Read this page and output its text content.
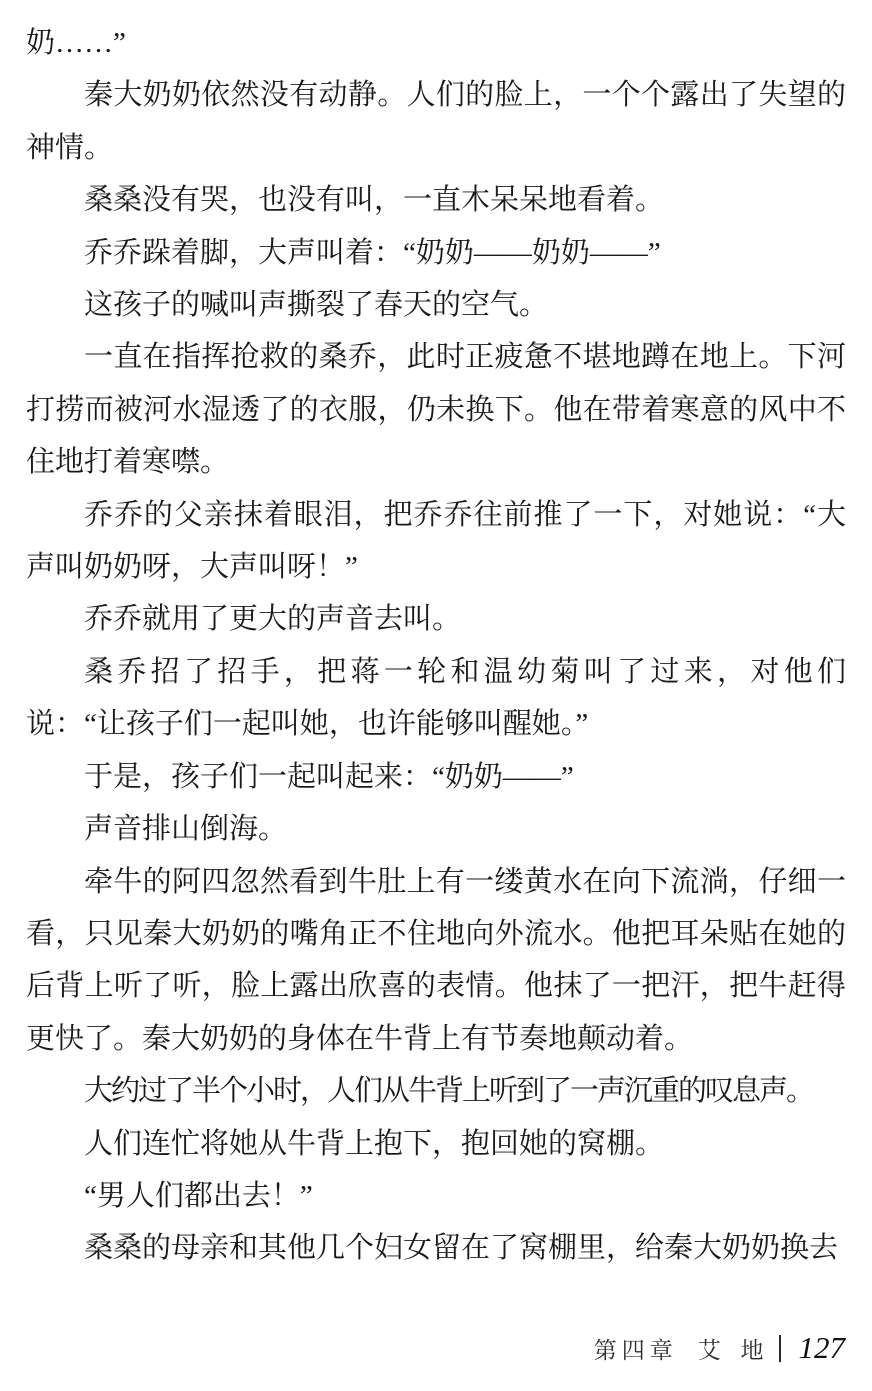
奶……”

秦大奶奶依然没有动静。人们的脸上，一个个露出了失望的神情。

桑桑没有哭，也没有叫，一直木呆呆地看着。

乔乔跺着脚，大声叫着：“奶奶——奶奶——”

这孩子的喊叫声撕裂了春天的空气。

一直在指挥抢救的桑乔，此时正疲惫不堪地蹲在地上。下河打捞而被河水湿透了的衣服，仍未换下。他在带着寒意的风中不住地打着寒噤。

乔乔的父亲抹着眼泪，把乔乔往前推了一下，对她说：“大声叫奶奶呀，大声叫呀！”

乔乔就用了更大的声音去叫。

桑乔招了招手，把蒋一轮和温幼菊叫了过来，对他们说：“让孩子们一起叫她，也许能够叫醒她。”

于是，孩子们一起叫起来：“奶奶——”

声音排山倒海。

牵牛的阿四忽然看到牛肚上有一缕黄水在向下流淌，仔细一看，只见秦大奶奶的嘴角正不住地向外流水。他把耳朵贴在她的后背上听了听，脸上露出欣喜的表情。他抹了一把汗，把牛赶得更快了。秦大奶奶的身体在牛背上有节奏地颠动着。

大约过了半个小时，人们从牛背上听到了一声沉重的叹息声。

人们连忙将她从牛背上抱下，抱回她的窝棚。

“男人们都出去！”

桑桑的母亲和其他几个妇女留在了窝棚里，给秦大奶奶换去

第四章 艾 地 127
